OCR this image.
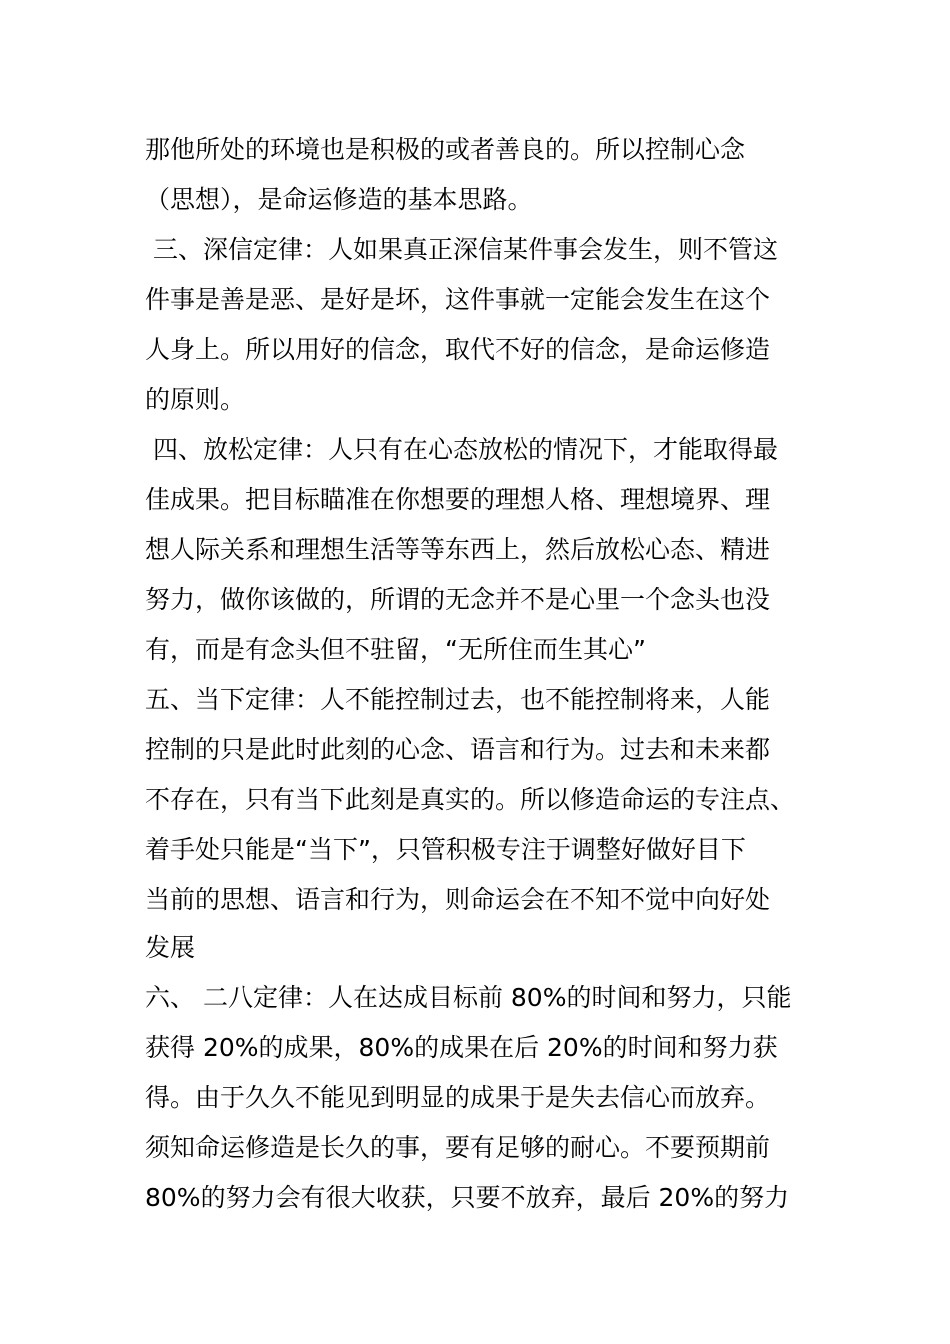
那他所处的环境也是积极的或者善良的。所以控制心念
（思想），是命运修造的基本思路。
三、深信定律：人如果真正深信某件事会发生，则不管这
件事是善是恶、是好是坏，这件事就一定能会发生在这个
人身上。所以用好的信念，取代不好的信念，是命运修造
的原则。
四、放松定律：人只有在心态放松的情况下，才能取得最
佳成果。把目标瞄准在你想要的理想人格、理想境界、理
想人际关系和理想生活等等东西上，然后放松心态、精进
努力，做你该做的，所谓的无念并不是心里一个念头也没
有，而是有念头但不驻留，“无所住而生其心”
五、当下定律：人不能控制过去，也不能控制将来，人能
控制的只是此时此刻的心念、语言和行为。过去和未来都
不存在，只有当下此刻是真实的。所以修造命运的专注点、
着手处只能是“当下”，只管积极专注于调整好做好目下
当前的思想、语言和行为，则命运会在不知不觉中向好处
发展
六、 二八定律：人在达成目标前 80%的时间和努力，只能
获得 20%的成果，80%的成果在后 20%的时间和努力获
得。由于久久不能见到明显的成果于是失去信心而放弃。
须知命运修造是长久的事，要有足够的耐心。不要预期前
80%的努力会有很大收获，只要不放弃，最后 20%的努力
